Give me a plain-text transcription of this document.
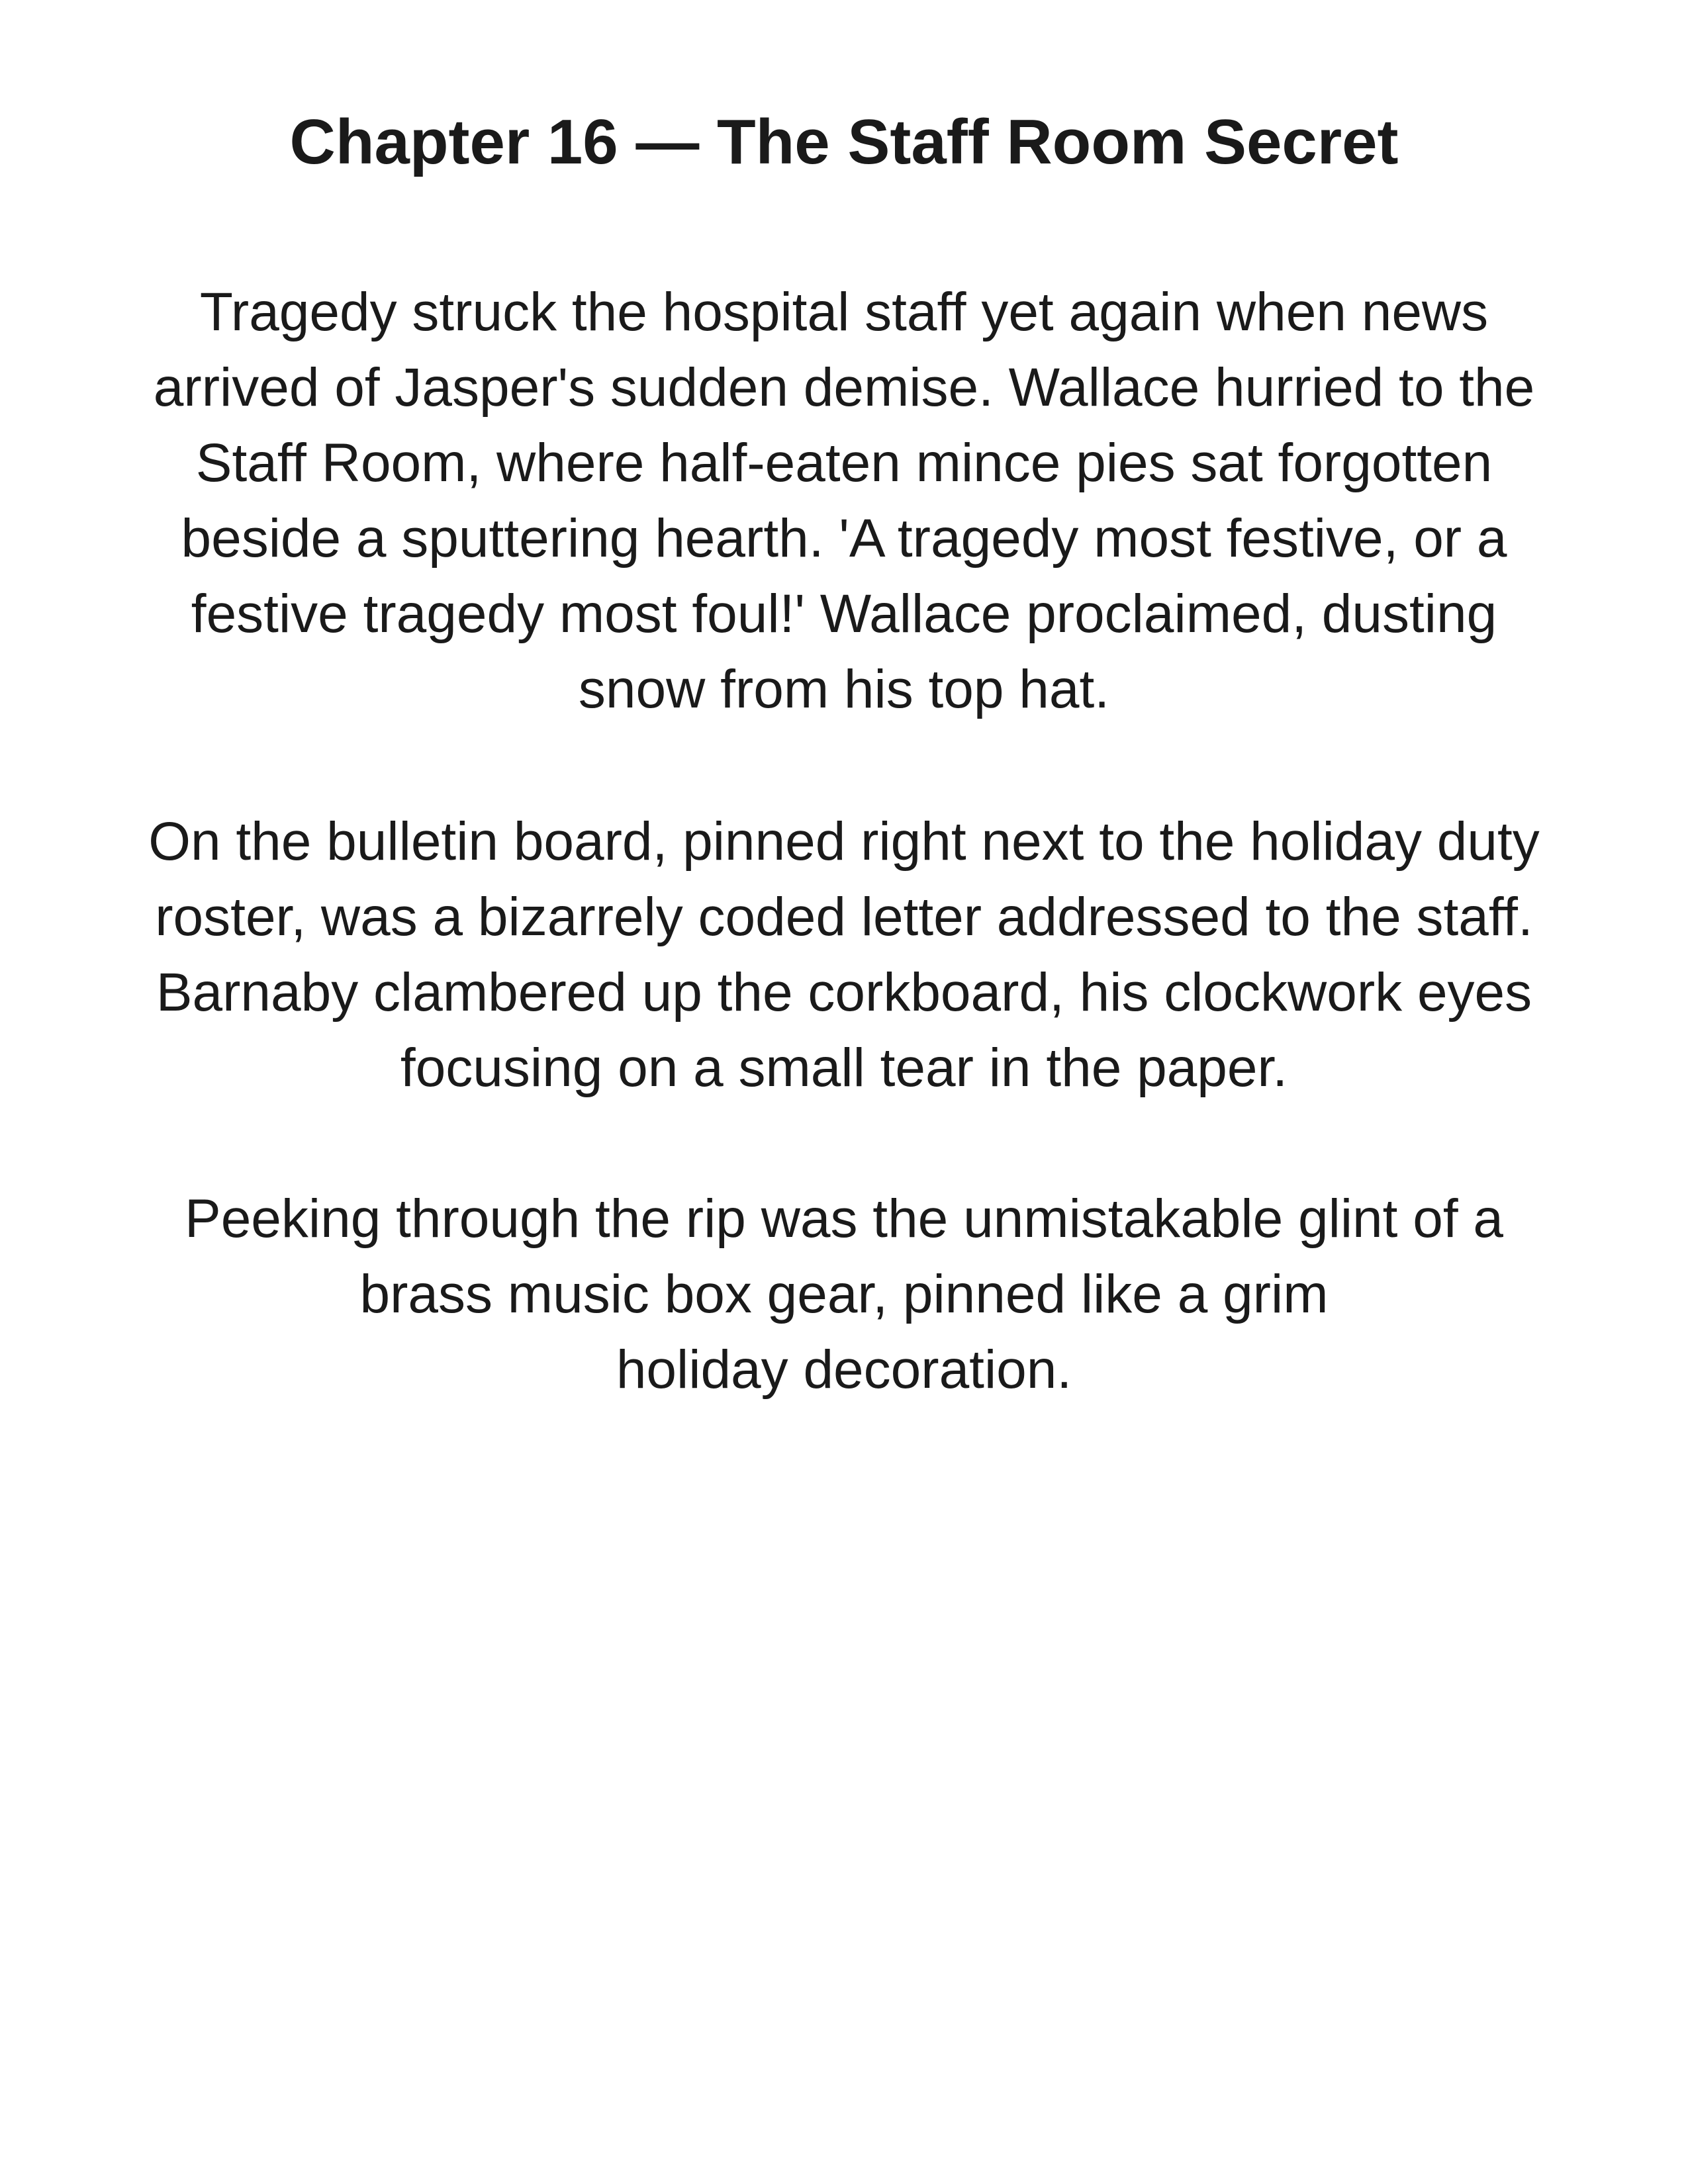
Chapter 16 — The Staff Room Secret

Tragedy struck the hospital staff yet again when news
arrived of Jasper's sudden demise. Wallace hurried to the
Staff Room, where half-eaten mince pies sat forgotten
beside a sputtering hearth. 'A tragedy most festive, or a
festive tragedy most foul!' Wallace proclaimed, dusting
snow from his top hat.

On the bulletin board, pinned right next to the holiday duty
roster, was a bizarrely coded letter addressed to the staff.
Barnaby clambered up the corkboard, his clockwork eyes
focusing on a small tear in the paper.

Peeking through the rip was the unmistakable glint of a
brass music box gear, pinned like a grim
holiday decoration.
